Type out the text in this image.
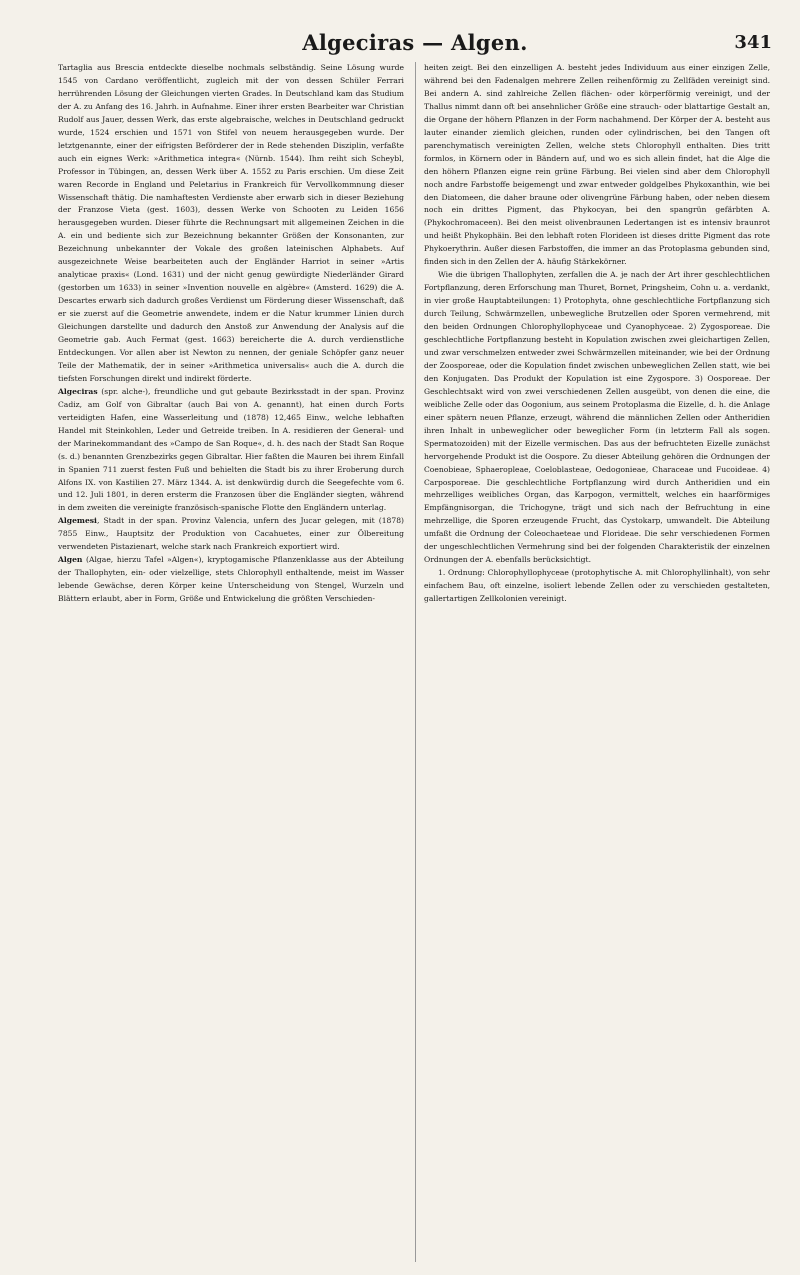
Algeciras — Algen.	341

Tartaglia aus Brescia entdeckte dieselbe nochmals selbständig. Seine Lösung wurde 1545 von Cardano veröffentlicht, zugleich mit der von dessen Schüler Ferrari herrührenden Lösung der Gleichungen vierten Grades. In Deutschland kam das Studium der A. zu Anfang des 16. Jahrh. in Aufnahme. Einer ihrer ersten Bearbeiter war Christian Rudolf aus Jauer, dessen Werk, das erste algebraische, welches in Deutschland gedruckt wurde, 1524 erschien und 1571 von Stifel von neuem herausgegeben wurde. Der letztgenannte, einer der eifrigsten Beförderer der in Rede stehenden Disziplin, verfaßte auch ein eignes Werk: »Arithmetica integra« (Nürnb. 1544). Ihm reiht sich Scheybl, Professor in Tübingen, an, dessen Werk über A. 1552 zu Paris erschien. Um diese Zeit waren Recorde in England und Peletarius in Frankreich für Vervollkommnung dieser Wissenschaft thätig. Die namhaftesten Verdienste aber erwarb sich in dieser Beziehung der Franzose Vieta (gest. 1603), dessen Werke von Schooten zu Leiden 1656 herausgegeben wurden. Dieser führte die Rechnungsart mit allgemeinen Zeichen in die A. ein und bediente sich zur Bezeichnung bekannter Größen der Konsonanten, zur Bezeichnung unbekannter der Vokale des großen lateinischen Alphabets. Auf ausgezeichnete Weise bearbeiteten auch der Engländer Harriot in seiner »Artis analyticae praxis« (Lond. 1631) und der nicht genug gewürdigte Niederländer Girard (gestorben um 1633) in seiner »Invention nouvelle en algèbre« (Amsterd. 1629) die A. Descartes erwarb sich dadurch großes Verdienst um Förderung dieser Wissenschaft, daß er sie zuerst auf die Geometrie anwendete, indem er die Natur krummer Linien durch Gleichungen darstellte und dadurch den Anstoß zur Anwendung der Analysis auf die Geometrie gab. Auch Fermat (gest. 1663) bereicherte die A. durch verdienstliche Entdeckungen. Vor allen aber ist Newton zu nennen, der geniale Schöpfer ganz neuer Teile der Mathematik, der in seiner »Arithmetica universalis« auch die A. durch die tiefsten Forschungen direkt und indirekt förderte.

Algeciras (spr. alche-), freundliche und gut gebaute Bezirksstadt in der span. Provinz Cadiz, am Golf von Gibraltar (auch Bai von A. genannt), hat einen durch Forts verteidigten Hafen, eine Wasserleitung und (1878) 12,465 Einw., welche lebhaften Handel mit Steinkohlen, Leder und Getreide treiben. In A. residieren der General- und der Marinekommandant des »Campo de San Roque«, d. h. des nach der Stadt San Roque (s. d.) benannten Grenzbezirks gegen Gibraltar. Hier faßten die Mauren bei ihrem Einfall in Spanien 711 zuerst festen Fuß und behielten die Stadt bis zu ihrer Eroberung durch Alfons IX. von Kastilien 27. März 1344. A. ist denkwürdig durch die Seegefechte vom 6. und 12. Juli 1801, in deren ersterm die Franzosen über die Engländer siegten, während in dem zweiten die vereinigte französisch-spanische Flotte den Engländern unterlag.

Algemesi, Stadt in der span. Provinz Valencia, unfern des Jucar gelegen, mit (1878) 7855 Einw., Hauptsitz der Produktion von Cacahuetes, einer zur Ölbereitung verwendeten Pistazienart, welche stark nach Frankreich exportiert wird.

Algen (Algae, hierzu Tafel »Algen«), kryptogamische Pflanzenklasse aus der Abteilung der Thallophyten, ein- oder vielzellige, stets Chlorophyll enthaltende, meist im Wasser lebende Gewächse, deren Körper keine Unterscheidung von Stengel, Wurzeln und Blättern erlaubt, aber in Form, Größe und Entwickelung die größten Verschieden-

heiten zeigt. Bei den einzelligen A. besteht jedes Individuum aus einer einzigen Zelle, während bei den Fadenalgen mehrere Zellen reihenförmig zu Zellfäden vereinigt sind. Bei andern A. sind zahlreiche Zellen flächen- oder körperförmig vereinigt, und der Thallus nimmt dann oft bei ansehnlicher Größe eine strauch- oder blattartige Gestalt an, die Organe der höhern Pflanzen in der Form nachahmend. Der Körper der A. besteht aus lauter einander ziemlich gleichen, runden oder cylindrischen, bei den Tangen oft parenchymatisch vereinigten Zellen, welche stets Chlorophyll enthalten. Dies tritt formlos, in Körnern oder in Bändern auf, und wo es sich allein findet, hat die Alge die den höhern Pflanzen eigne rein grüne Färbung. Bei vielen sind aber dem Chlorophyll noch andre Farbstoffe beigemengt und zwar entweder goldgelbes Phykoxanthin, wie bei den Diatomeen, die daher braune oder olivengrüne Färbung haben, oder neben diesem noch ein drittes Pigment, das Phykocyan, bei den spangrün gefärbten A. (Phykochromaceen). Bei den meist olivenbraunen Ledertangen ist es intensiv braunrot und heißt Phykophäin. Bei den lebhaft roten Florideen ist dieses dritte Pigment das rote Phykoerythrin. Außer diesen Farbstoffen, die immer an das Protoplasma gebunden sind, finden sich in den Zellen der A. häufig Stärkekörner.

Wie die übrigen Thallophyten, zerfallen die A. je nach der Art ihrer geschlechtlichen Fortpflanzung, deren Erforschung man Thuret, Bornet, Pringsheim, Cohn u. a. verdankt, in vier große Hauptabteilungen: 1) Protophyta, ohne geschlechtliche Fortpflanzung sich durch Teilung, Schwärmzellen, unbewegliche Brutzellen oder Sporen vermehrend, mit den beiden Ordnungen Chlorophyllophyceae und Cyanophyceae. 2) Zygosporeae. Die geschlechtliche Fortpflanzung besteht in Kopulation zwischen zwei gleichartigen Zellen, und zwar verschmelzen entweder zwei Schwärmzellen miteinander, wie bei der Ordnung der Zoosporeae, oder die Kopulation findet zwischen unbeweglichen Zellen statt, wie bei den Konjugaten. Das Produkt der Kopulation ist eine Zygospore. 3) Oosporeae. Der Geschlechtsakt wird von zwei verschiedenen Zellen ausgeübt, von denen die eine, die weibliche Zelle oder das Oogonium, aus seinem Protoplasma die Eizelle, d. h. die Anlage einer spätern neuen Pflanze, erzeugt, während die männlichen Zellen oder Antheridien ihren Inhalt in unbeweglicher oder beweglicher Form (in letzterm Fall als sogen. Spermatozoiden) mit der Eizelle vermischen. Das aus der befruchteten Eizelle zunächst hervorgehende Produkt ist die Oospore. Zu dieser Abteilung gehören die Ordnungen der Coenobieae, Sphaeropleae, Coeloblasteae, Oedogonieae, Characeae und Fucoideae. 4) Carposporeae. Die geschlechtliche Fortpflanzung wird durch Antheridien und ein mehrzelliges weibliches Organ, das Karpogon, vermittelt, welches ein haarförmiges Empfängnisorgan, die Trichogyne, trägt und sich nach der Befruchtung in eine mehrzellige, die Sporen erzeugende Frucht, das Cystokarp, umwandelt. Die Abteilung umfaßt die Ordnung der Coleochaeteae und Florideae. Die sehr verschiedenen Formen der ungeschlechtlichen Vermehrung sind bei der folgenden Charakteristik der einzelnen Ordnungen der A. ebenfalls berücksichtigt.

1. Ordnung: Chlorophyllophyceae (protophytische A. mit Chlorophyllinhalt), von sehr einfachem Bau, oft einzelne, isoliert lebende Zellen oder zu verschieden gestalteten, gallertartigen Zellkolonien vereinigt.
